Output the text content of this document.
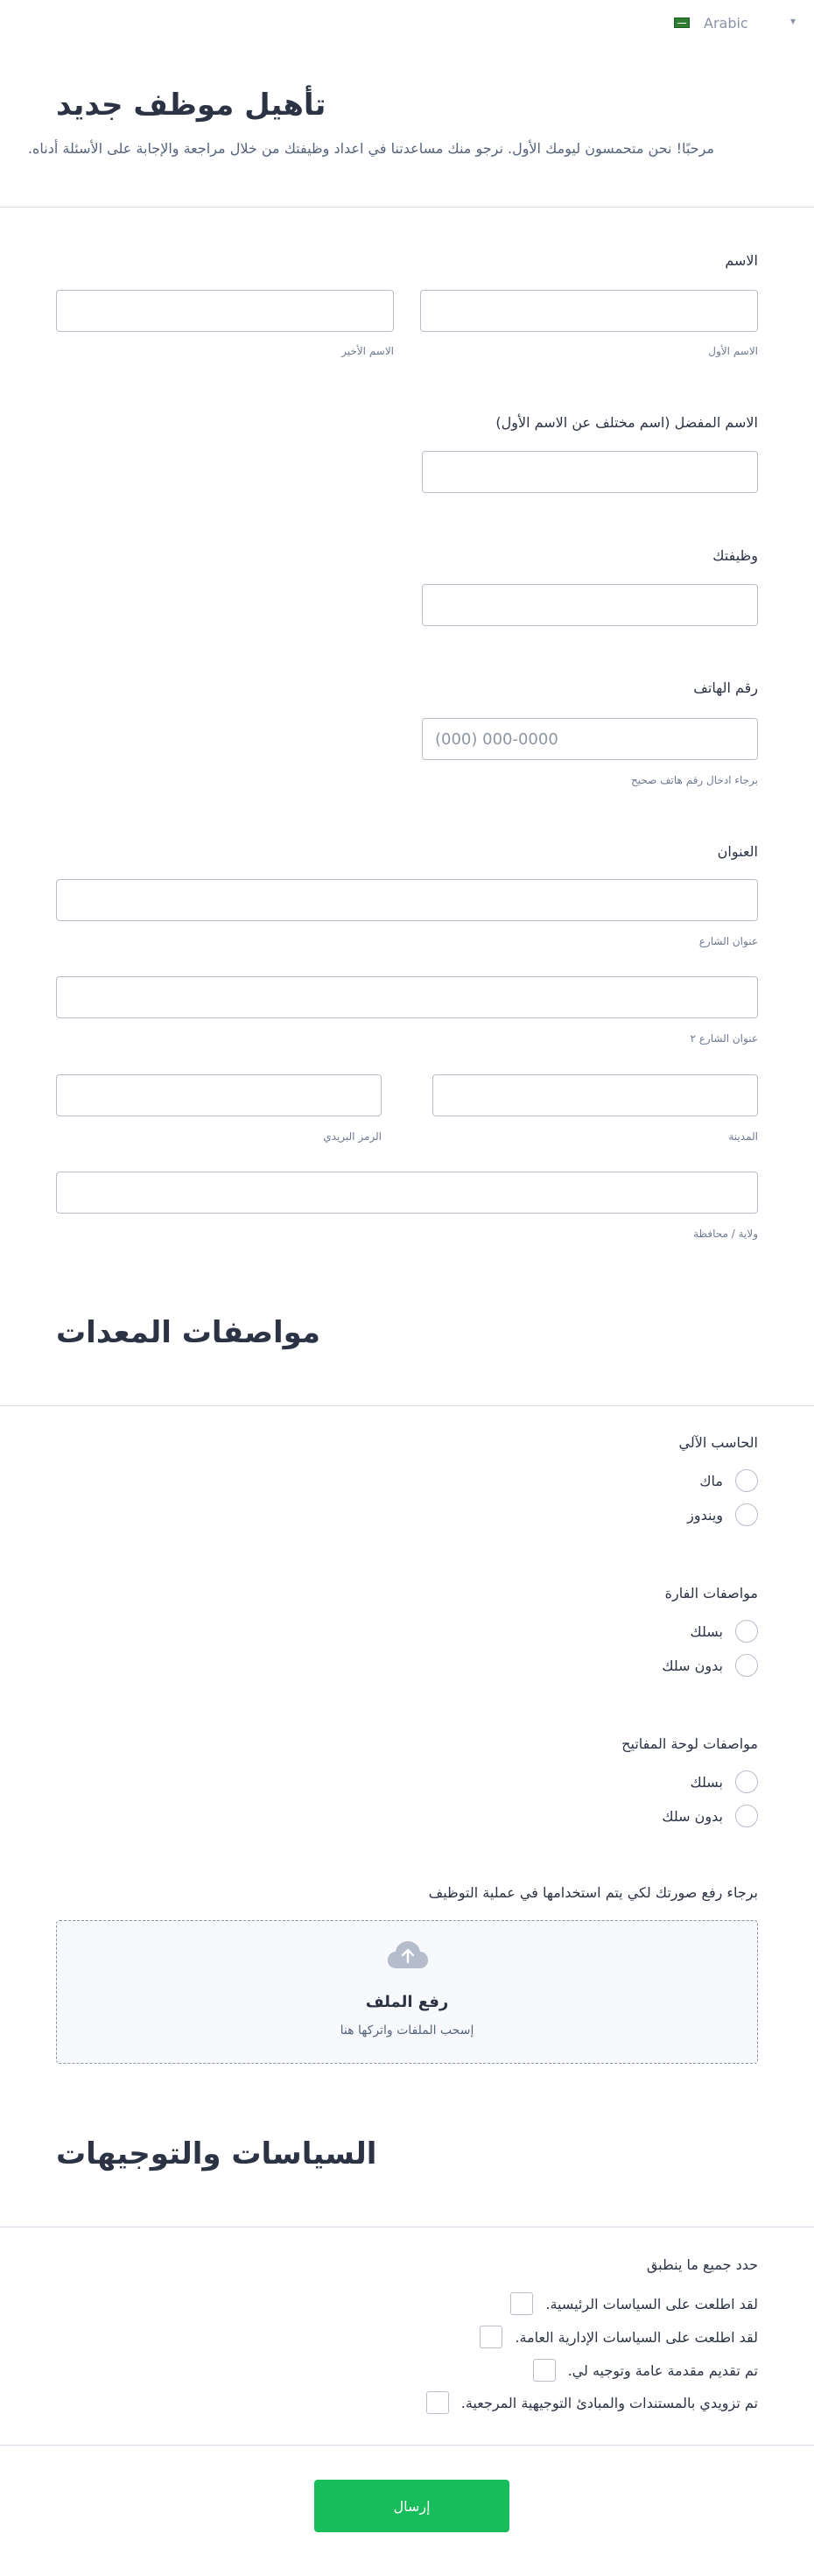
Arabic	▾
تأهيل موظف جديد
مرحبًا! نحن متحمسون ليومك الأول. نرجو منك مساعدتنا في اعداد وظيفتك من خلال مراجعة والإجابة على الأسئلة أدناه.
الاسم
الاسم الأول
الاسم الأخير
الاسم المفضل (اسم مختلف عن الاسم الأول)
وظيفتك
رقم الهاتف
(000) 000-0000
برجاء ادخال رقم هاتف صحيح
العنوان
عنوان الشارع
عنوان الشارع ٢
المدينة
الرمز البريدي
ولاية / محافظة
مواصفات المعدات
الحاسب الآلي
ماك
ويندوز
مواصفات الفارة
بسلك
بدون سلك
مواصفات لوحة المفاتيح
بسلك
بدون سلك
برجاء رفع صورتك لكي يتم استخدامها في عملية التوظيف
رفع الملف
إسحب الملفات واتركها هنا
السياسات والتوجيهات
حدد جميع ما ينطبق
لقد اطلعت على السياسات الرئيسية.
لقد اطلعت على السياسات الإدارية العامة.
تم تقديم مقدمة عامة وتوجيه لي.
تم تزويدي بالمستندات والمبادئ التوجيهية المرجعية.
إرسال
